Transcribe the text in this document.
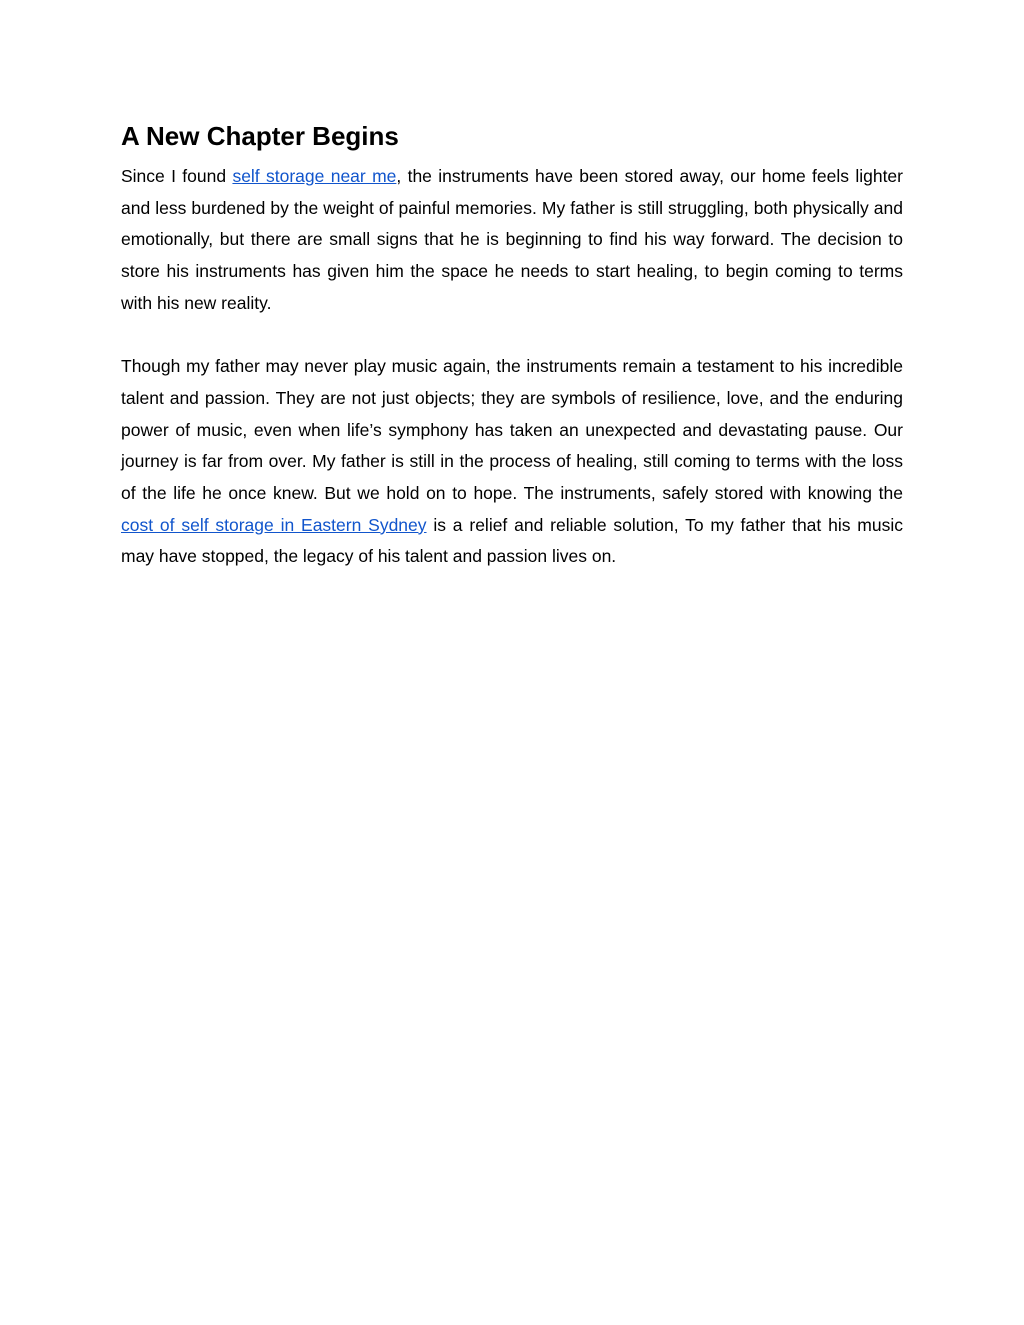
A New Chapter Begins

Since I found self storage near me, the instruments have been stored away, our home feels lighter and less burdened by the weight of painful memories. My father is still struggling, both physically and emotionally, but there are small signs that he is beginning to find his way forward. The decision to store his instruments has given him the space he needs to start healing, to begin coming to terms with his new reality.

Though my father may never play music again, the instruments remain a testament to his incredible talent and passion. They are not just objects; they are symbols of resilience, love, and the enduring power of music, even when life’s symphony has taken an unexpected and devastating pause. Our journey is far from over. My father is still in the process of healing, still coming to terms with the loss of the life he once knew. But we hold on to hope. The instruments, safely stored with knowing the cost of self storage in Eastern Sydney is a relief and reliable solution, To my father that his music may have stopped, the legacy of his talent and passion lives on.
